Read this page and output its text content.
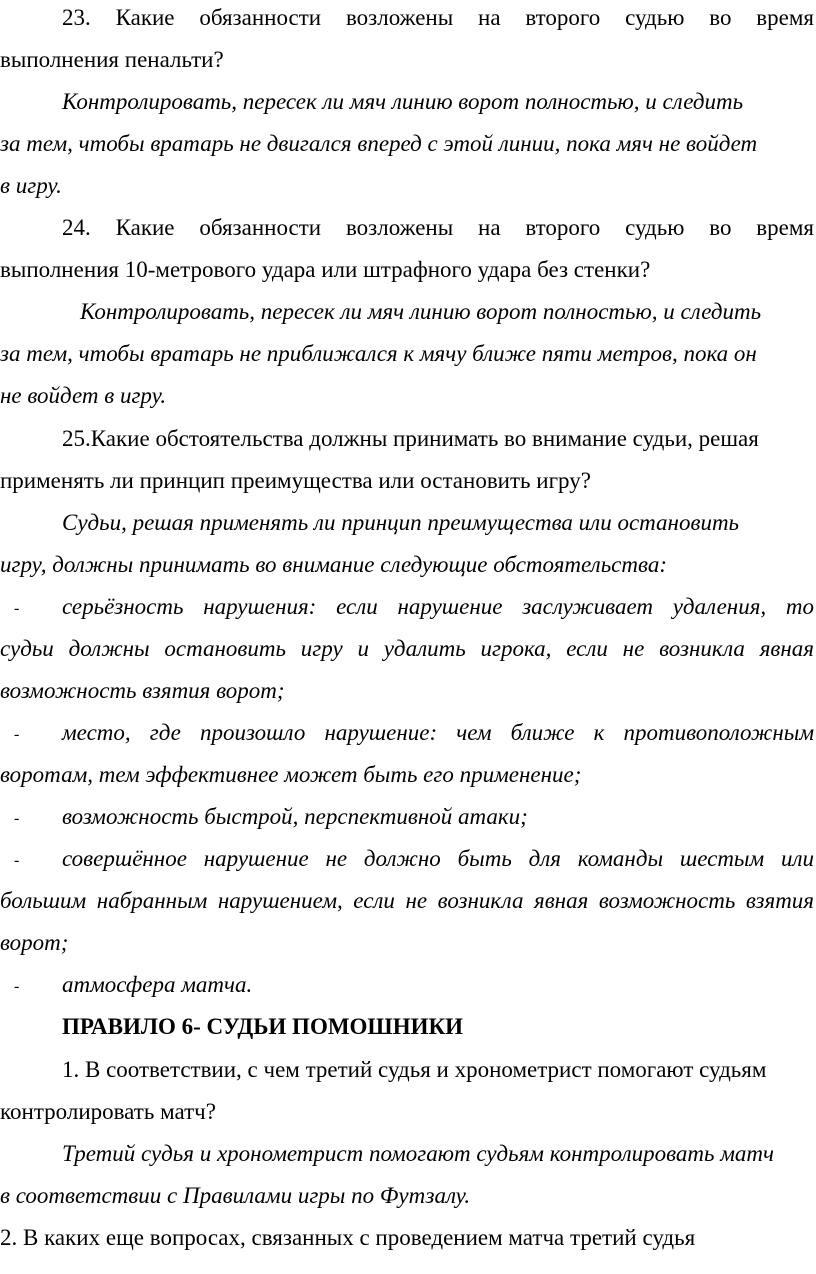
23. Какие обязанности возложены на второго судью во время
выполнения пенальти?
Контролировать, пересек ли мяч линию ворот полностью, и следить
за тем, чтобы вратарь не двигался вперед с этой линии, пока мяч не войдет
в игру.
24. Какие обязанности возложены на второго судью во время
выполнения 10-метрового удара или штрафного удара без стенки?
Контролировать, пересек ли мяч линию ворот полностью, и следить
за тем, чтобы вратарь не приближался к мячу ближе пяти метров, пока он
не войдет в игру.
25.Какие обстоятельства должны принимать во внимание судьи, решая
применять ли принцип преимущества или остановить игру?
Судьи, решая применять ли принцип преимущества или остановить
игру, должны принимать во внимание следующие обстоятельства:
- серьёзность нарушения: если нарушение заслуживает удаления, то
судьи должны остановить игру и удалить игрока, если не возникла явная
возможность взятия ворот;
- место, где произошло нарушение: чем ближе к противоположным
воротам, тем эффективнее может быть его применение;
- возможность быстрой, перспективной атаки;
- совершённое нарушение не должно быть для команды шестым или
большим набранным нарушением, если не возникла явная возможность взятия
ворот;
- атмосфера матча.
ПРАВИЛО 6- СУДЬИ ПОМОШНИКИ
1. В соответствии, с чем третий судья и хронометрист помогают судьям
контролировать матч?
Третий судья и хронометрист помогают судьям контролировать матч
в соответствии с Правилами игры по Футзалу.
2. В каких еще вопросах, связанных с проведением матча третий судья
